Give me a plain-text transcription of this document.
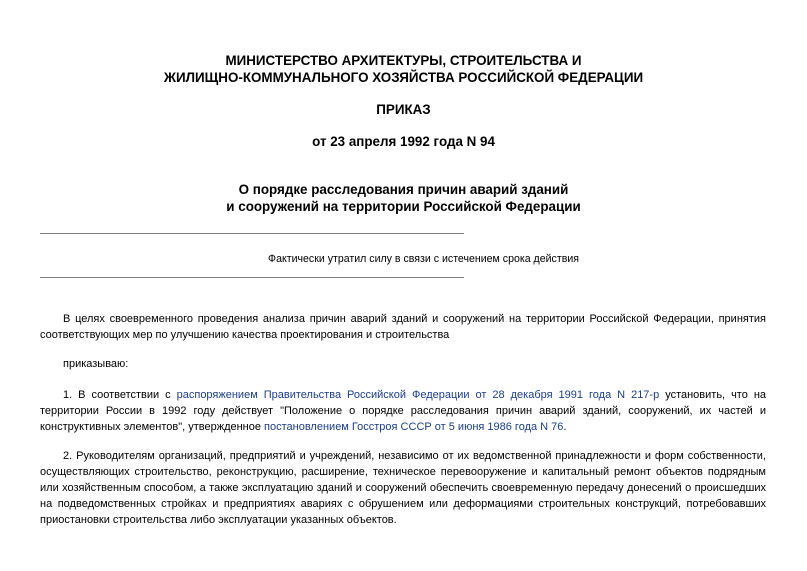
МИНИСТЕРСТВО АРХИТЕКТУРЫ, СТРОИТЕЛЬСТВА И
ЖИЛИЩНО-КОММУНАЛЬНОГО ХОЗЯЙСТВА РОССИЙСКОЙ ФЕДЕРАЦИИ
ПРИКАЗ
от 23 апреля 1992 года N 94
О порядке расследования причин аварий зданий
и сооружений на территории Российской Федерации
Фактически утратил силу в связи с истечением срока действия
В целях своевременного проведения анализа причин аварий зданий и сооружений на территории Российской Федерации, принятия соответствующих мер по улучшению качества проектирования и строительства
приказываю:
1. В соответствии с распоряжением Правительства Российской Федерации от 28 декабря 1991 года N 217-р установить, что на территории России в 1992 году действует "Положение о порядке расследования причин аварий зданий, сооружений, их частей и конструктивных элементов", утвержденное постановлением Госстроя СССР от 5 июня 1986 года N 76.
2. Руководителям организаций, предприятий и учреждений, независимо от их ведомственной принадлежности и форм собственности, осуществляющих строительство, реконструкцию, расширение, техническое перевооружение и капитальный ремонт объектов подрядным или хозяйственным способом, а также эксплуатацию зданий и сооружений обеспечить своевременную передачу донесений о происшедших на подведомственных стройках и предприятиях авариях с обрушением или деформациями строительных конструкций, потребовавших приостановки строительства либо эксплуатации указанных объектов.
